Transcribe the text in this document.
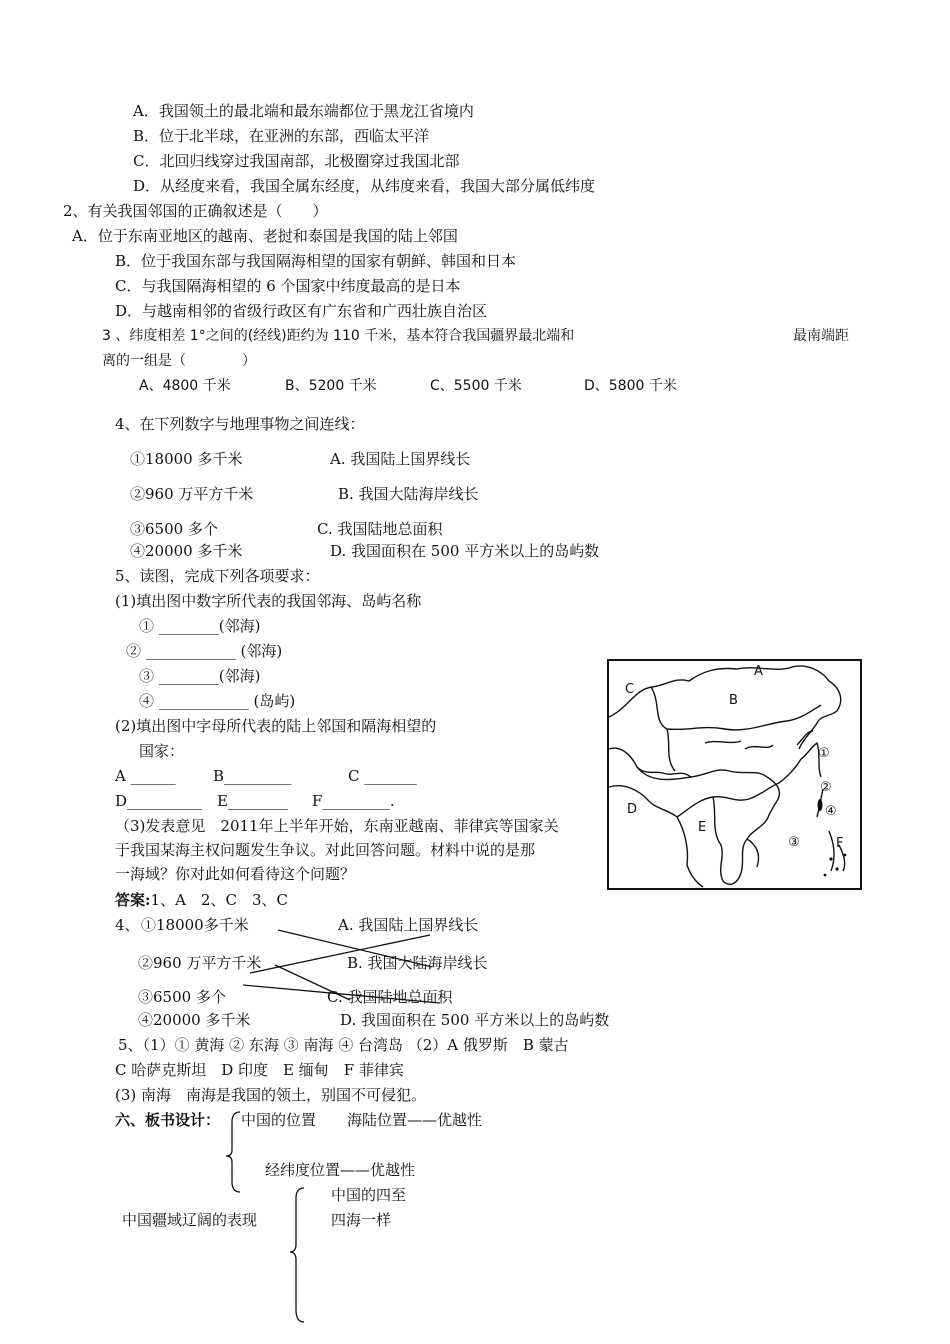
A．我国领土的最北端和最东端都位于黑龙江省境内
B．位于北半球，在亚洲的东部，西临太平洋
C．北回归线穿过我国南部，北极圈穿过我国北部
D．从经度来看，我国全属东经度，从纬度来看，我国大部分属低纬度
2、有关我国邻国的正确叙述是（　　）
A．位于东南亚地区的越南、老挝和泰国是我国的陆上邻国
B．位于我国东部与我国隔海相望的国家有朝鲜、韩国和日本
C．与我国隔海相望的 6 个国家中纬度最高的是日本
D．与越南相邻的省级行政区有广东省和广西壮族自治区
3 、纬度相差 1°之间的(经线)距约为 110 千米，基本符合我国疆界最北端和	最南端距
离的一组是（　　　　）
A、4800 千米	B、5200 千米	C、5500 千米	D、5800 千米
4、在下列数字与地理事物之间连线：
①18000 多千米	A. 我国陆上国界线长
②960 万平方千米	B. 我国大陆海岸线长
③6500 多个	C. 我国陆地总面积
④20000 多千米	D. 我国面积在 500 平方米以上的岛屿数
5、读图，完成下列各项要求：
(1)填出图中数字所代表的我国邻海、岛屿名称
① ________(邻海)
② ____________ (邻海)
③ ________(邻海)
④ ____________ (岛屿)
(2)填出图中字母所代表的陆上邻国和隔海相望的
国家：
A ______ B_________	C _______
D__________ E________ F_________.
（3)发表意见　2011年上半年开始，东南亚越南、菲律宾等国家关
于我国某海主权问题发生争议。对此回答问题。材料中说的是那
一海域？你对此如何看待这个问题？
A
B
C
D
E
F
①
②
③
④
答案:1、A　2、C　3、C
4、 ①18000多千米	A. 我国陆上国界线长
②960 万平方千米	B. 我国大陆海岸线长
③6500 多个	C. 我国陆地总面积
④20000 多千米	D. 我国面积在 500 平方米以上的岛屿数
5、（1）① 黄海 ② 东海 ③ 南海 ④ 台湾岛 （2）A 俄罗斯　B 蒙古
C 哈萨克斯坦　D 印度　E 缅甸　F 菲律宾
(3) 南海　南海是我国的领土，别国不可侵犯。
六、板书设计： 中国的位置 海陆位置——优越性
经纬度位置——优越性
中国的四至
中国疆域辽阔的表现	四海一样
